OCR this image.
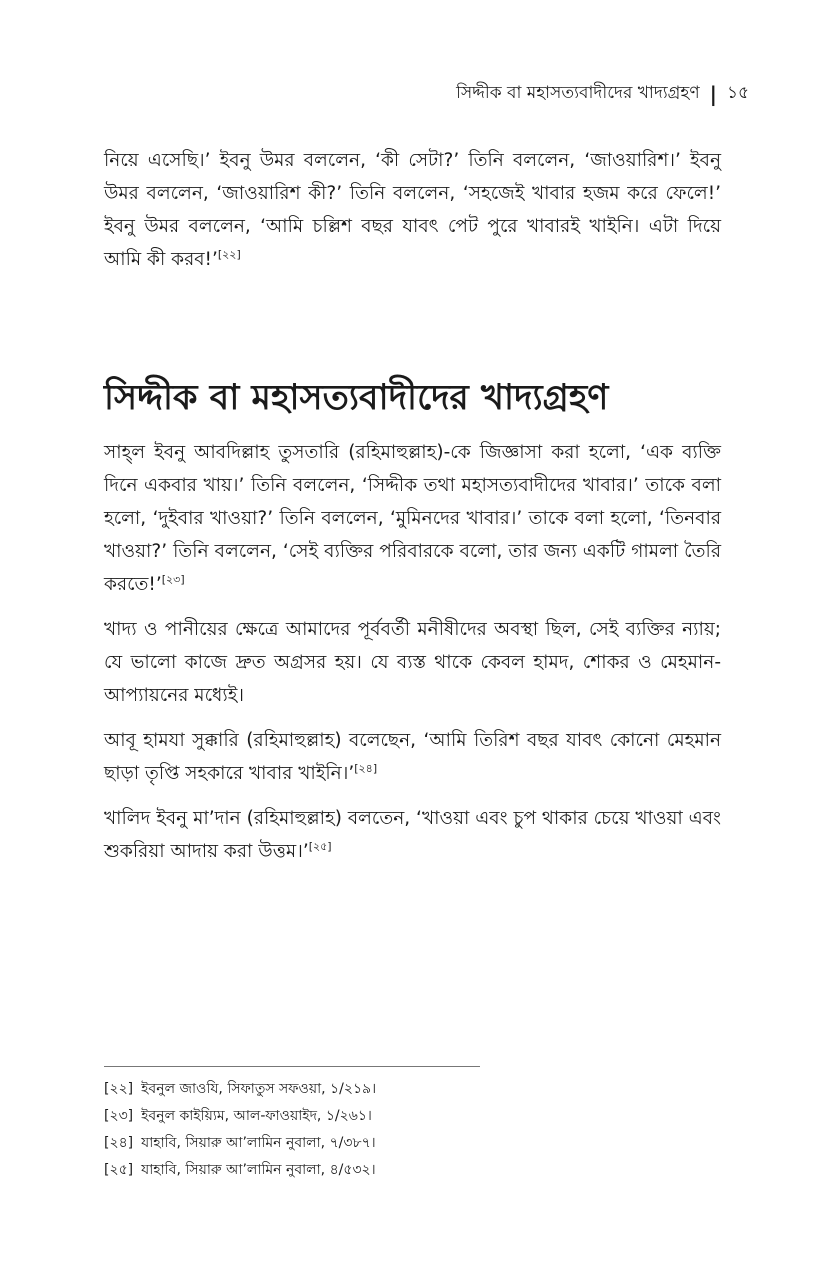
সিদ্দীক বা মহাসত্যবাদীদের খাদ্যগ্রহণ | ১৫

নিয়ে এসেছি।’ ইবনু উমর বললেন, ‘কী সেটা?’ তিনি বললেন, ‘জাওয়ারিশ।’ ইবনু উমর বললেন, ‘জাওয়ারিশ কী?’ তিনি বললেন, ‘সহজেই খাবার হজম করে ফেলে!’ ইবনু উমর বললেন, ‘আমি চল্লিশ বছর যাবৎ পেট পুরে খাবারই খাইনি। এটা দিয়ে আমি কী করব!’[২২]

সিদ্দীক বা মহাসত্যবাদীদের খাদ্যগ্রহণ

সাহ্‌ল ইবনু আবদিল্লাহ তুসতারি (রহিমাহুল্লাহ)-কে জিজ্ঞাসা করা হলো, ‘এক ব্যক্তি দিনে একবার খায়।’ তিনি বললেন, ‘সিদ্দীক তথা মহাসত্যবাদীদের খাবার।’ তাকে বলা হলো, ‘দুইবার খাওয়া?’ তিনি বললেন, ‘মুমিনদের খাবার।’ তাকে বলা হলো, ‘তিনবার খাওয়া?’ তিনি বললেন, ‘সেই ব্যক্তির পরিবারকে বলো, তার জন্য একটি গামলা তৈরি করতে!’[২৩]

খাদ্য ও পানীয়ের ক্ষেত্রে আমাদের পূর্ববর্তী মনীষীদের অবস্থা ছিল, সেই ব্যক্তির ন্যায়; যে ভালো কাজে দ্রুত অগ্রসর হয়। যে ব্যস্ত থাকে কেবল হামদ, শোকর ও মেহমান-আপ্যায়নের মধ্যেই।

আবূ হামযা সুক্কারি (রহিমাহুল্লাহ) বলেছেন, ‘আমি তিরিশ বছর যাবৎ কোনো মেহমান ছাড়া তৃপ্তি সহকারে খাবার খাইনি।’[২৪]

খালিদ ইবনু মা’দান (রহিমাহুল্লাহ) বলতেন, ‘খাওয়া এবং চুপ থাকার চেয়ে খাওয়া এবং শুকরিয়া আদায় করা উত্তম।’[২৫]

[২২] ইবনুল জাওযি, সিফাতুস সফওয়া, ১/২১৯।
[২৩] ইবনুল কাইয়্যিম, আল-ফাওয়াইদ, ১/২৬১।
[২৪] যাহাবি, সিয়ারু আ’লামিন নুবালা, ৭/৩৮৭।
[২৫] যাহাবি, সিয়ারু আ’লামিন নুবালা, ৪/৫৩২।
